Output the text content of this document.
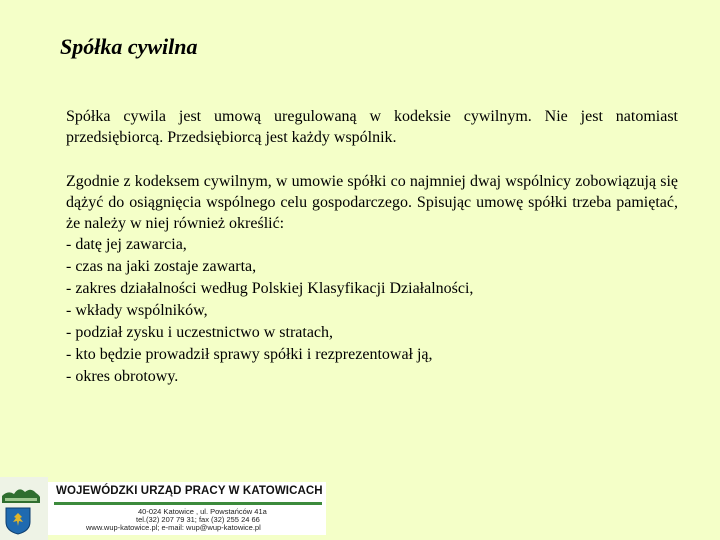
Spółka cywilna

Spółka cywila jest umową uregulowaną w kodeksie cywilnym. Nie jest natomiast przedsiębiorcą. Przedsiębiorcą jest każdy wspólnik.

Zgodnie z kodeksem cywilnym, w umowie spółki co najmniej dwaj wspólnicy zobowiązują się dążyć do osiągnięcia wspólnego celu gospodarczego. Spisując umowę spółki trzeba pamiętać, że należy w niej również określić:

- datę jej zawarcia,
- czas na jaki zostaje zawarta,
- zakres działalności według Polskiej Klasyfikacji Działalności,
- wkłady wspólników,
- podział zysku i uczestnictwo w stratach,
- kto będzie prowadził sprawy spółki i rezprezentował ją,
- okres obrotowy.
WOJEWÓDZKI URZĄD PRACY W KATOWICACH
40-024 Katowice , ul. Powstańców 41a
tel.(32) 207 79 31; fax (32) 255 24 66
www.wup-katowice.pl; e-mail: wup@wup-katowice.pl
